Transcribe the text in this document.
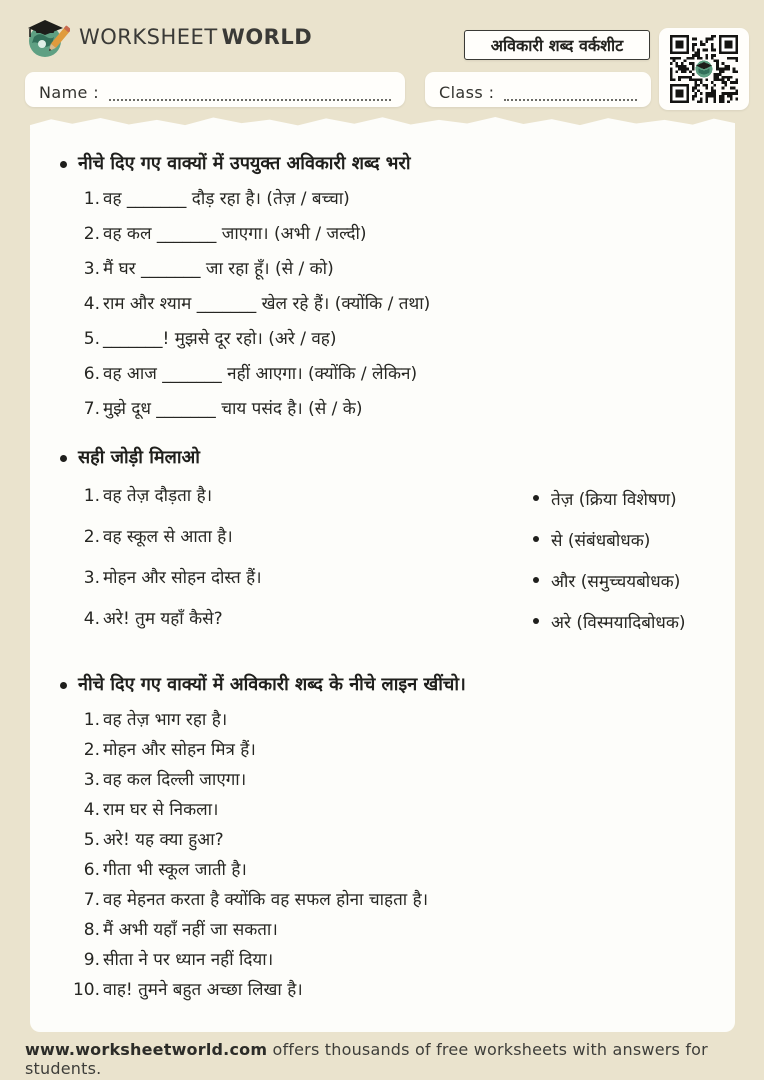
WORKSHEET WORLD	अविकारी शब्द वर्कशीट
Name :	Class :
नीचे दिए गए वाक्यों में उपयुक्त अविकारी शब्द भरो
1. वह _______ दौड़ रहा है। (तेज़ / बच्चा)
2. वह कल _______ जाएगा। (अभी / जल्दी)
3. मैं घर _______ जा रहा हूँ। (से / को)
4. राम और श्याम _______ खेल रहे हैं। (क्योंकि / तथा)
5. _______! मुझसे दूर रहो। (अरे / वह)
6. वह आज _______ नहीं आएगा। (क्योंकि / लेकिन)
7. मुझे दूध _______ चाय पसंद है। (से / के)
सही जोड़ी मिलाओ
1. वह तेज़ दौड़ता है।	तेज़ (क्रिया विशेषण)
2. वह स्कूल से आता है।	से (संबंधबोधक)
3. मोहन और सोहन दोस्त हैं।	और (समुच्चयबोधक)
4. अरे! तुम यहाँ कैसे?	अरे (विस्मयादिबोधक)
नीचे दिए गए वाक्यों में अविकारी शब्द के नीचे लाइन खींचो।
1. वह तेज़ भाग रहा है।
2. मोहन और सोहन मित्र हैं।
3. वह कल दिल्ली जाएगा।
4. राम घर से निकला।
5. अरे! यह क्या हुआ?
6. गीता भी स्कूल जाती है।
7. वह मेहनत करता है क्योंकि वह सफल होना चाहता है।
8. मैं अभी यहाँ नहीं जा सकता।
9. सीता ने पर ध्यान नहीं दिया।
10. वाह! तुमने बहुत अच्छा लिखा है।
www.worksheetworld.com offers thousands of free worksheets with answers for students.
